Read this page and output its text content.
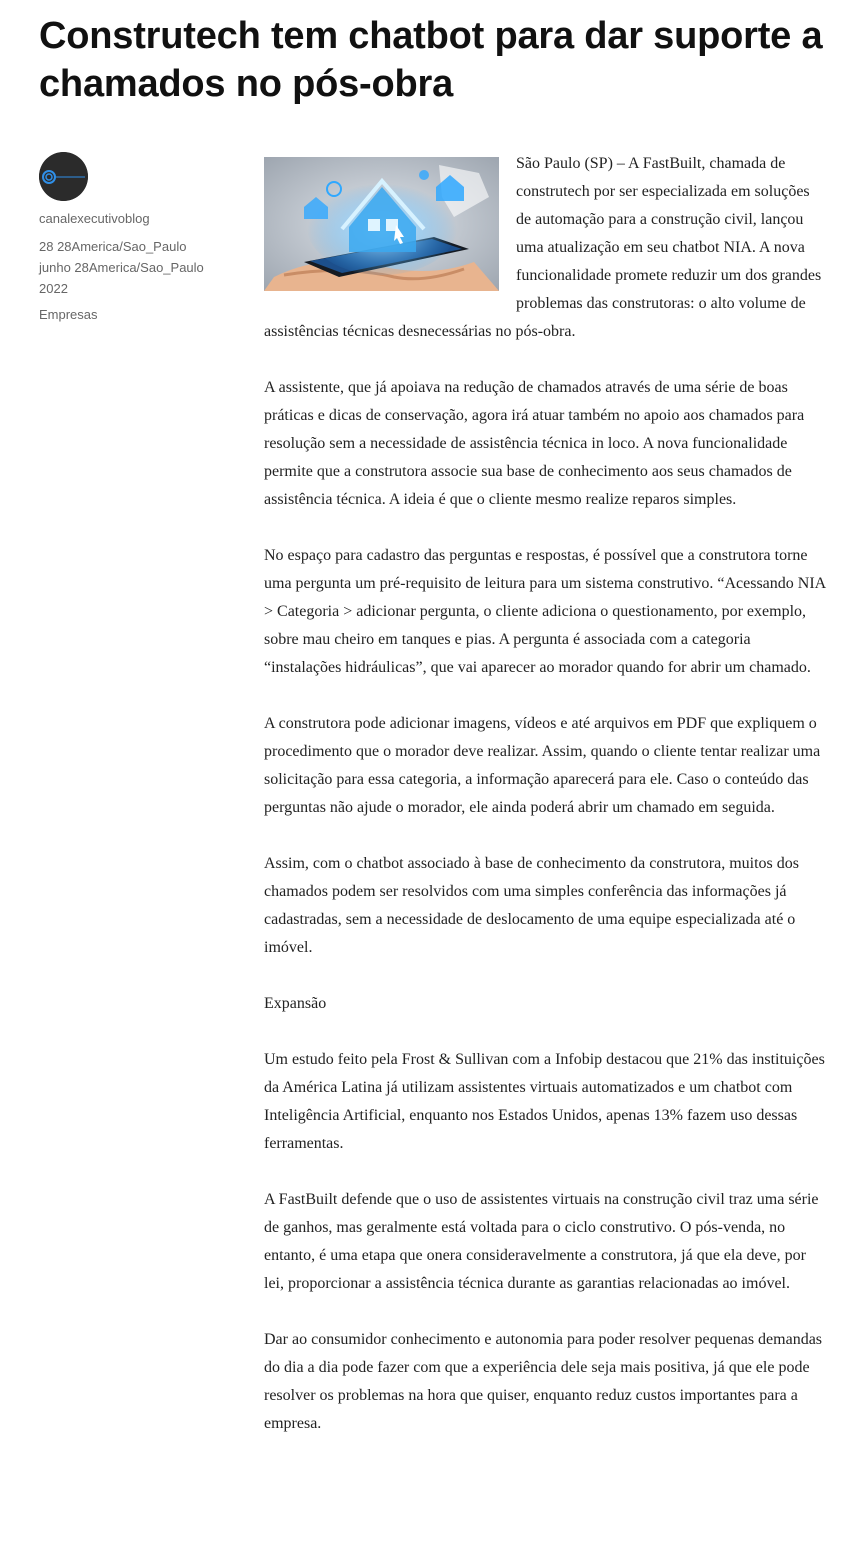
Construtech tem chatbot para dar suporte a chamados no pós-obra
canalexecutivoblog
28 28America/Sao_Paulo junho 28America/Sao_Paulo 2022
Empresas

São Paulo (SP) – A FastBuilt, chamada de construtech por ser especializada em soluções de automação para a construção civil, lançou uma atualização em seu chatbot NIA. A nova funcionalidade promete reduzir um dos grandes problemas das construtoras: o alto volume de assistências técnicas desnecessárias no pós-obra.

A assistente, que já apoiava na redução de chamados através de uma série de boas práticas e dicas de conservação, agora irá atuar também no apoio aos chamados para resolução sem a necessidade de assistência técnica in loco. A nova funcionalidade permite que a construtora associe sua base de conhecimento aos seus chamados de assistência técnica. A ideia é que o cliente mesmo realize reparos simples.

No espaço para cadastro das perguntas e respostas, é possível que a construtora torne uma pergunta um pré-requisito de leitura para um sistema construtivo. “Acessando NIA > Categoria > adicionar pergunta, o cliente adiciona o questionamento, por exemplo, sobre mau cheiro em tanques e pias. A pergunta é associada com a categoria “instalações hidráulicas”, que vai aparecer ao morador quando for abrir um chamado.

A construtora pode adicionar imagens, vídeos e até arquivos em PDF que expliquem o procedimento que o morador deve realizar. Assim, quando o cliente tentar realizar uma solicitação para essa categoria, a informação aparecerá para ele. Caso o conteúdo das perguntas não ajude o morador, ele ainda poderá abrir um chamado em seguida.

Assim, com o chatbot associado à base de conhecimento da construtora, muitos dos chamados podem ser resolvidos com uma simples conferência das informações já cadastradas, sem a necessidade de deslocamento de uma equipe especializada até o imóvel.

Expansão

Um estudo feito pela Frost & Sullivan com a Infobip destacou que 21% das instituições da América Latina já utilizam assistentes virtuais automatizados e um chatbot com Inteligência Artificial, enquanto nos Estados Unidos, apenas 13% fazem uso dessas ferramentas.

A FastBuilt defende que o uso de assistentes virtuais na construção civil traz uma série de ganhos, mas geralmente está voltada para o ciclo construtivo. O pós-venda, no entanto, é uma etapa que onera consideravelmente a construtora, já que ela deve, por lei, proporcionar a assistência técnica durante as garantias relacionadas ao imóvel.

Dar ao consumidor conhecimento e autonomia para poder resolver pequenas demandas do dia a dia pode fazer com que a experiência dele seja mais positiva, já que ele pode resolver os problemas na hora que quiser, enquanto reduz custos importantes para a empresa.
